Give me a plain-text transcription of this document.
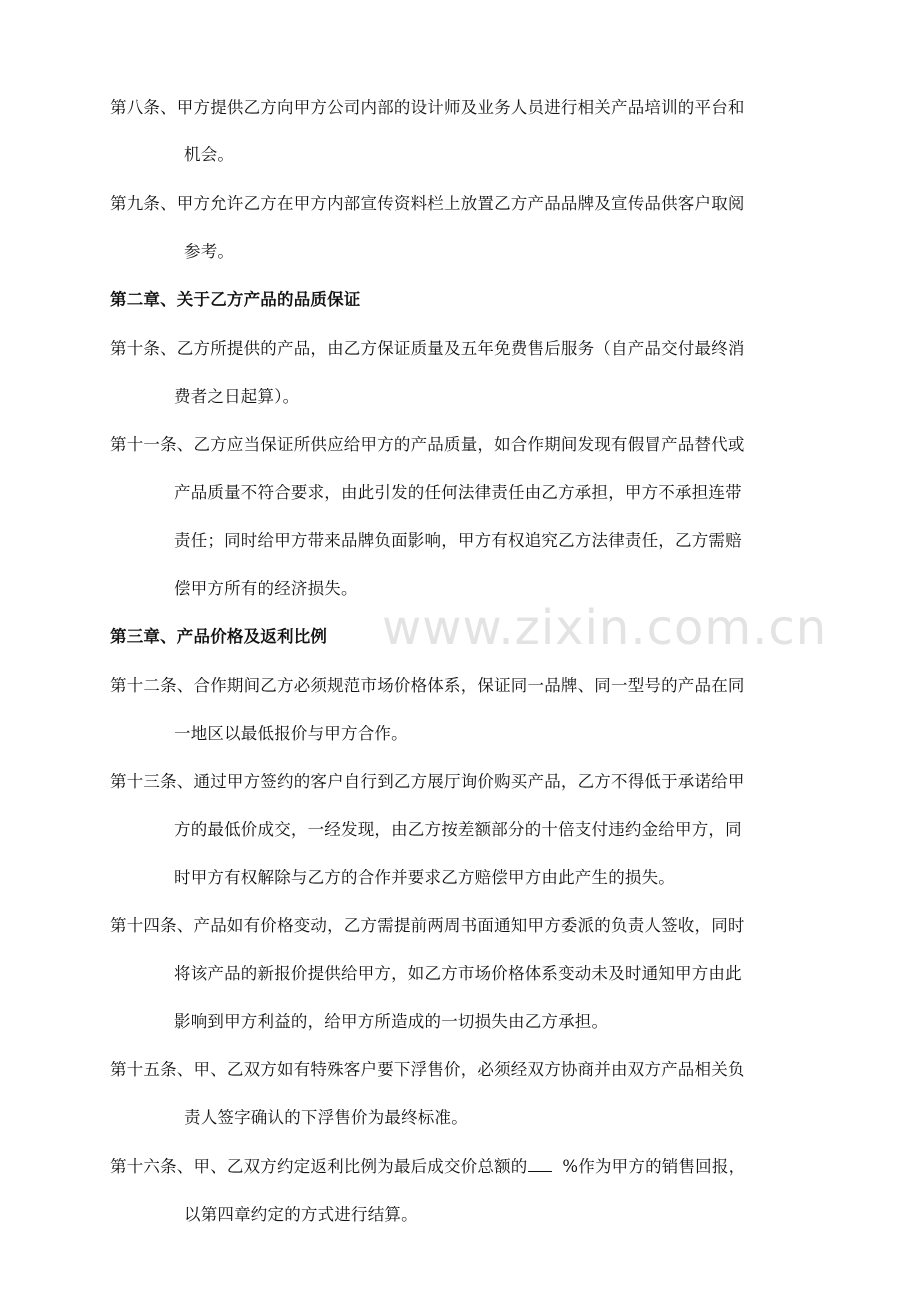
www.zixin.com.cn
第八条、甲方提供乙方向甲方公司内部的设计师及业务人员进行相关产品培训的平台和
机会。
第九条、甲方允许乙方在甲方内部宣传资料栏上放置乙方产品品牌及宣传品供客户取阅
参考。
第二章、关于乙方产品的品质保证
第十条、乙方所提供的产品，由乙方保证质量及五年免费售后服务（自产品交付最终消
费者之日起算）。
第十一条、乙方应当保证所供应给甲方的产品质量，如合作期间发现有假冒产品替代或
产品质量不符合要求，由此引发的任何法律责任由乙方承担，甲方不承担连带
责任；同时给甲方带来品牌负面影响，甲方有权追究乙方法律责任，乙方需赔
偿甲方所有的经济损失。
第三章、产品价格及返利比例
第十二条、合作期间乙方必须规范市场价格体系，保证同一品牌、同一型号的产品在同
一地区以最低报价与甲方合作。
第十三条、通过甲方签约的客户自行到乙方展厅询价购买产品，乙方不得低于承诺给甲
方的最低价成交，一经发现，由乙方按差额部分的十倍支付违约金给甲方，同
时甲方有权解除与乙方的合作并要求乙方赔偿甲方由此产生的损失。
第十四条、产品如有价格变动，乙方需提前两周书面通知甲方委派的负责人签收，同时
将该产品的新报价提供给甲方，如乙方市场价格体系变动未及时通知甲方由此
影响到甲方利益的，给甲方所造成的一切损失由乙方承担。
第十五条、甲、乙双方如有特殊客户要下浮售价，必须经双方协商并由双方产品相关负
责人签字确认的下浮售价为最终标准。
第十六条、甲、乙双方约定返利比例为最后成交价总额的 %作为甲方的销售回报，
以第四章约定的方式进行结算。
